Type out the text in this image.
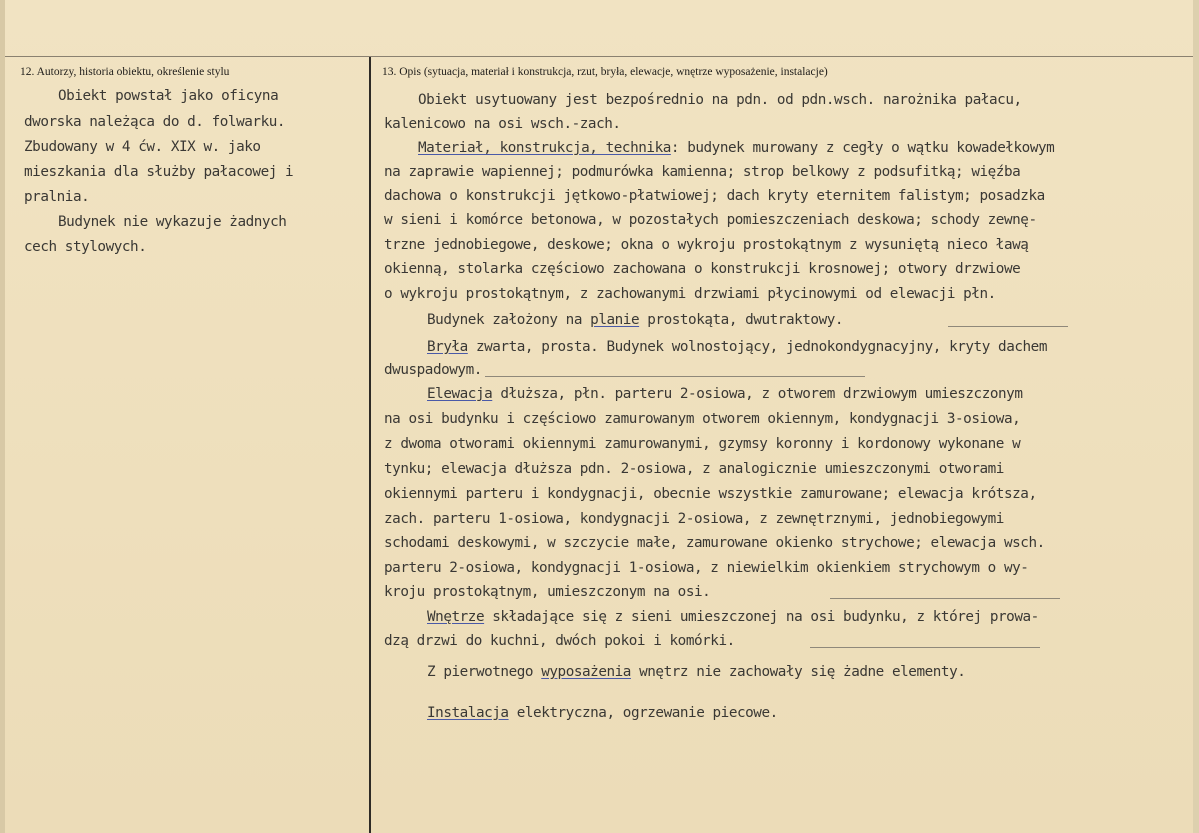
12. Autorzy, historia obiektu, określenie stylu	13. Opis (sytuacja, materiał i konstrukcja, rzut, bryła, elewacje, wnętrze wyposażenie, instalacje)
Obiekt powstał jako oficyna
dworska należąca do d. folwarku.
Zbudowany w 4 ćw. XIX w. jako
mieszkania dla służby pałacowej i
pralnia.
Budynek nie wykazuje żadnych
cech stylowych.
Obiekt usytuowany jest bezpośrednio na pdn. od pdn.wsch. narożnika pałacu,
kalenicowo na osi wsch.-zach.
Materiał, konstrukcja, technika: budynek murowany z cegły o wątku kowadełkowym
na zaprawie wapiennej; podmurówka kamienna; strop belkowy z podsufitką; więźba
dachowa o konstrukcji jętkowo-płatwiowej; dach kryty eternitem falistym; posadzka
w sieni i komórce betonowa, w pozostałych pomieszczeniach deskowa; schody zewnę-
trzne jednobiegowe, deskowe; okna o wykroju prostokątnym z wysuniętą nieco ławą
okienną, stolarka częściowo zachowana o konstrukcji krosnowej; otwory drzwiowe
o wykroju prostokątnym, z zachowanymi drzwiami płycinowymi od elewacji płn.
Budynek założony na planie prostokąta, dwutraktowy.
Bryła zwarta, prosta. Budynek wolnostojący, jednokondygnacyjny, kryty dachem
dwuspadowym.
Elewacja dłuższa, płn. parteru 2-osiowa, z otworem drzwiowym umieszczonym
na osi budynku i częściowo zamurowanym otworem okiennym, kondygnacji 3-osiowa,
z dwoma otworami okiennymi zamurowanymi, gzymsy koronny i kordonowy wykonane w
tynku; elewacja dłuższa pdn. 2-osiowa, z analogicznie umieszczonymi otworami
okiennymi parteru i kondygnacji, obecnie wszystkie zamurowane; elewacja krótsza,
zach. parteru 1-osiowa, kondygnacji 2-osiowa, z zewnętrznymi, jednobiegowymi
schodami deskowymi, w szczycie małe, zamurowane okienko strychowe; elewacja wsch.
parteru 2-osiowa, kondygnacji 1-osiowa, z niewielkim okienkiem strychowym o wy-
kroju prostokątnym, umieszczonym na osi.
Wnętrze składające się z sieni umieszczonej na osi budynku, z której prowa-
dzą drzwi do kuchni, dwóch pokoi i komórki.
Z pierwotnego wyposażenia wnętrz nie zachowały się żadne elementy.
Instalacja elektryczna, ogrzewanie piecowe.
